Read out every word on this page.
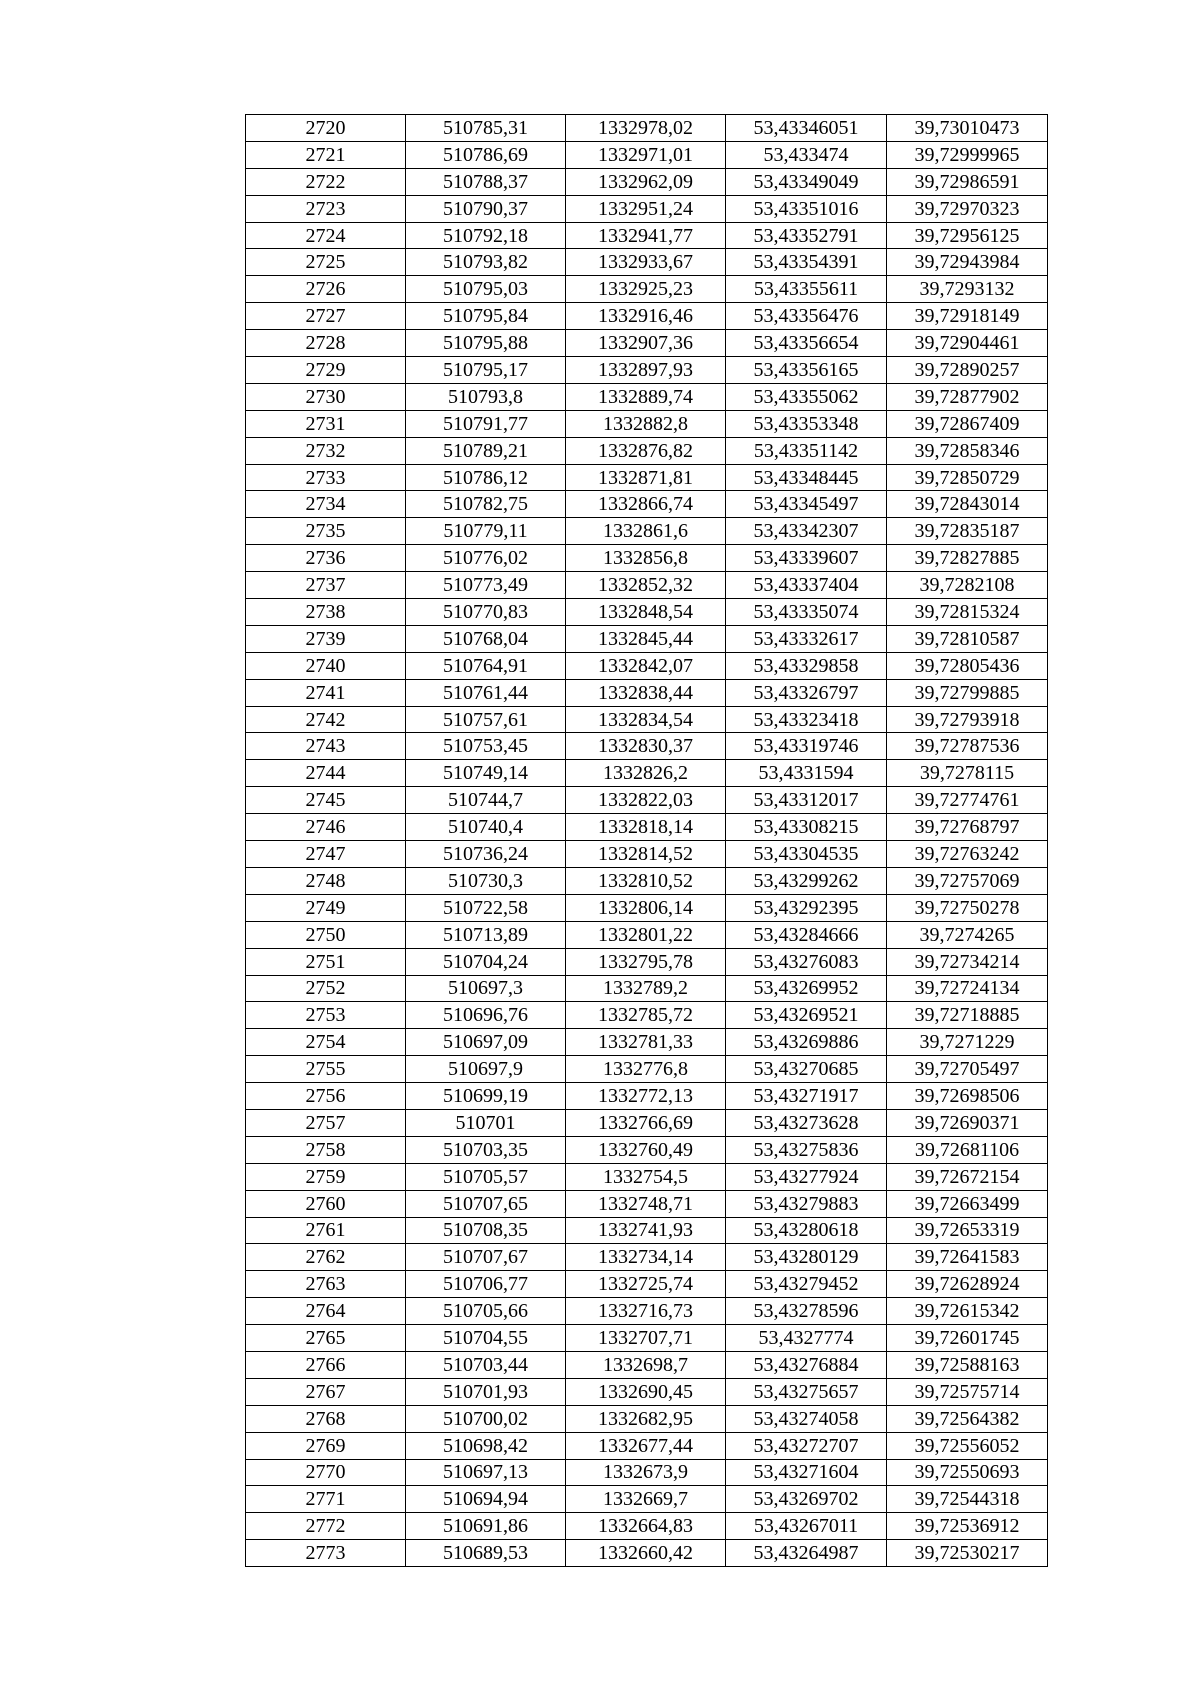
2720	510785,31	1332978,02	53,43346051	39,73010473
2721	510786,69	1332971,01	53,433474	39,72999965
2722	510788,37	1332962,09	53,43349049	39,72986591
2723	510790,37	1332951,24	53,43351016	39,72970323
2724	510792,18	1332941,77	53,43352791	39,72956125
2725	510793,82	1332933,67	53,43354391	39,72943984
2726	510795,03	1332925,23	53,43355611	39,7293132
2727	510795,84	1332916,46	53,43356476	39,72918149
2728	510795,88	1332907,36	53,43356654	39,72904461
2729	510795,17	1332897,93	53,43356165	39,72890257
2730	510793,8	1332889,74	53,43355062	39,72877902
2731	510791,77	1332882,8	53,43353348	39,72867409
2732	510789,21	1332876,82	53,43351142	39,72858346
2733	510786,12	1332871,81	53,43348445	39,72850729
2734	510782,75	1332866,74	53,43345497	39,72843014
2735	510779,11	1332861,6	53,43342307	39,72835187
2736	510776,02	1332856,8	53,43339607	39,72827885
2737	510773,49	1332852,32	53,43337404	39,7282108
2738	510770,83	1332848,54	53,43335074	39,72815324
2739	510768,04	1332845,44	53,43332617	39,72810587
2740	510764,91	1332842,07	53,43329858	39,72805436
2741	510761,44	1332838,44	53,43326797	39,72799885
2742	510757,61	1332834,54	53,43323418	39,72793918
2743	510753,45	1332830,37	53,43319746	39,72787536
2744	510749,14	1332826,2	53,4331594	39,7278115
2745	510744,7	1332822,03	53,43312017	39,72774761
2746	510740,4	1332818,14	53,43308215	39,72768797
2747	510736,24	1332814,52	53,43304535	39,72763242
2748	510730,3	1332810,52	53,43299262	39,72757069
2749	510722,58	1332806,14	53,43292395	39,72750278
2750	510713,89	1332801,22	53,43284666	39,7274265
2751	510704,24	1332795,78	53,43276083	39,72734214
2752	510697,3	1332789,2	53,43269952	39,72724134
2753	510696,76	1332785,72	53,43269521	39,72718885
2754	510697,09	1332781,33	53,43269886	39,7271229
2755	510697,9	1332776,8	53,43270685	39,72705497
2756	510699,19	1332772,13	53,43271917	39,72698506
2757	510701	1332766,69	53,43273628	39,72690371
2758	510703,35	1332760,49	53,43275836	39,72681106
2759	510705,57	1332754,5	53,43277924	39,72672154
2760	510707,65	1332748,71	53,43279883	39,72663499
2761	510708,35	1332741,93	53,43280618	39,72653319
2762	510707,67	1332734,14	53,43280129	39,72641583
2763	510706,77	1332725,74	53,43279452	39,72628924
2764	510705,66	1332716,73	53,43278596	39,72615342
2765	510704,55	1332707,71	53,4327774	39,72601745
2766	510703,44	1332698,7	53,43276884	39,72588163
2767	510701,93	1332690,45	53,43275657	39,72575714
2768	510700,02	1332682,95	53,43274058	39,72564382
2769	510698,42	1332677,44	53,43272707	39,72556052
2770	510697,13	1332673,9	53,43271604	39,72550693
2771	510694,94	1332669,7	53,43269702	39,72544318
2772	510691,86	1332664,83	53,43267011	39,72536912
2773	510689,53	1332660,42	53,43264987	39,72530217
